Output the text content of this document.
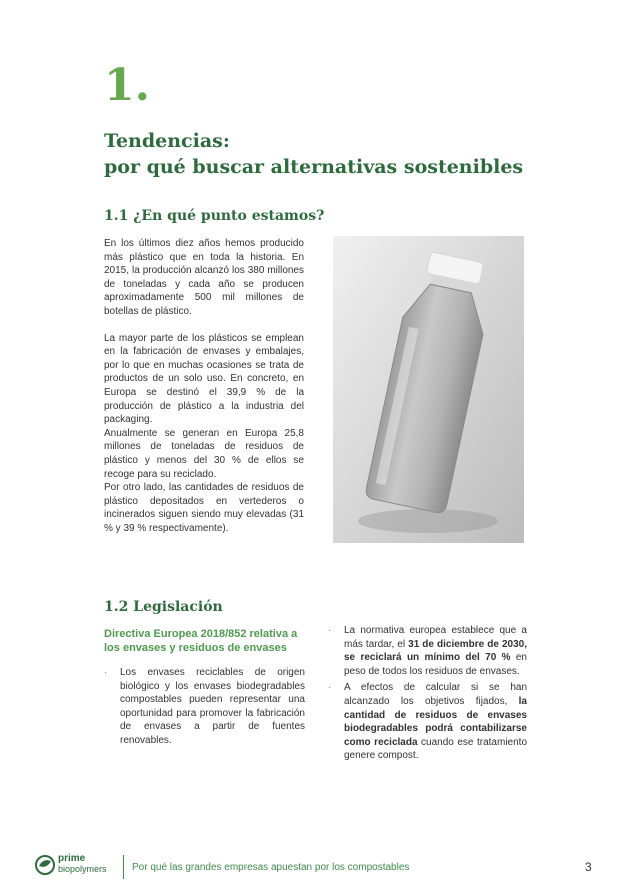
1.
Tendencias:
por qué buscar alternativas sostenibles
1.1 ¿En qué punto estamos?

En los últimos diez años hemos producido más plástico que en toda la historia. En 2015, la producción alcanzó los 380 millones de toneladas y cada año se producen aproximadamente 500 mil millones de botellas de plástico.

La mayor parte de los plásticos se emplean en la fabricación de envases y embalajes, por lo que en muchas ocasiones se trata de productos de un solo uso. En concreto, en Europa se destinó el 39,9 % de la producción de plástico a la industria del packaging.

Anualmente se generan en Europa 25,8 millones de toneladas de residuos de plástico y menos del 30 % de ellos se recoge para su reciclado.

Por otro lado, las cantidades de residuos de plástico depositados en vertederos o incinerados siguen siendo muy elevadas (31 % y 39 % respectivamente).

1.2 Legislación
Directiva Europea 2018/852 relativa a los envases y residuos de envases
· Los envases reciclables de origen biológico y los envases biodegradables compostables pueden representar una oportunidad para promover la fabricación de envases a partir de fuentes renovables.
· La normativa europea establece que a más tardar, el 31 de diciembre de 2030, se reciclará un mínimo del 70 % en peso de todos los residuos de envases.
· A efectos de calcular si se han alcanzado los objetivos fijados, la cantidad de residuos de envases biodegradables podrá contabilizarse como reciclada cuando ese tratamiento genere compost.
prime
biopolymers	Por qué las grandes empresas apuestan por los compostables	3
